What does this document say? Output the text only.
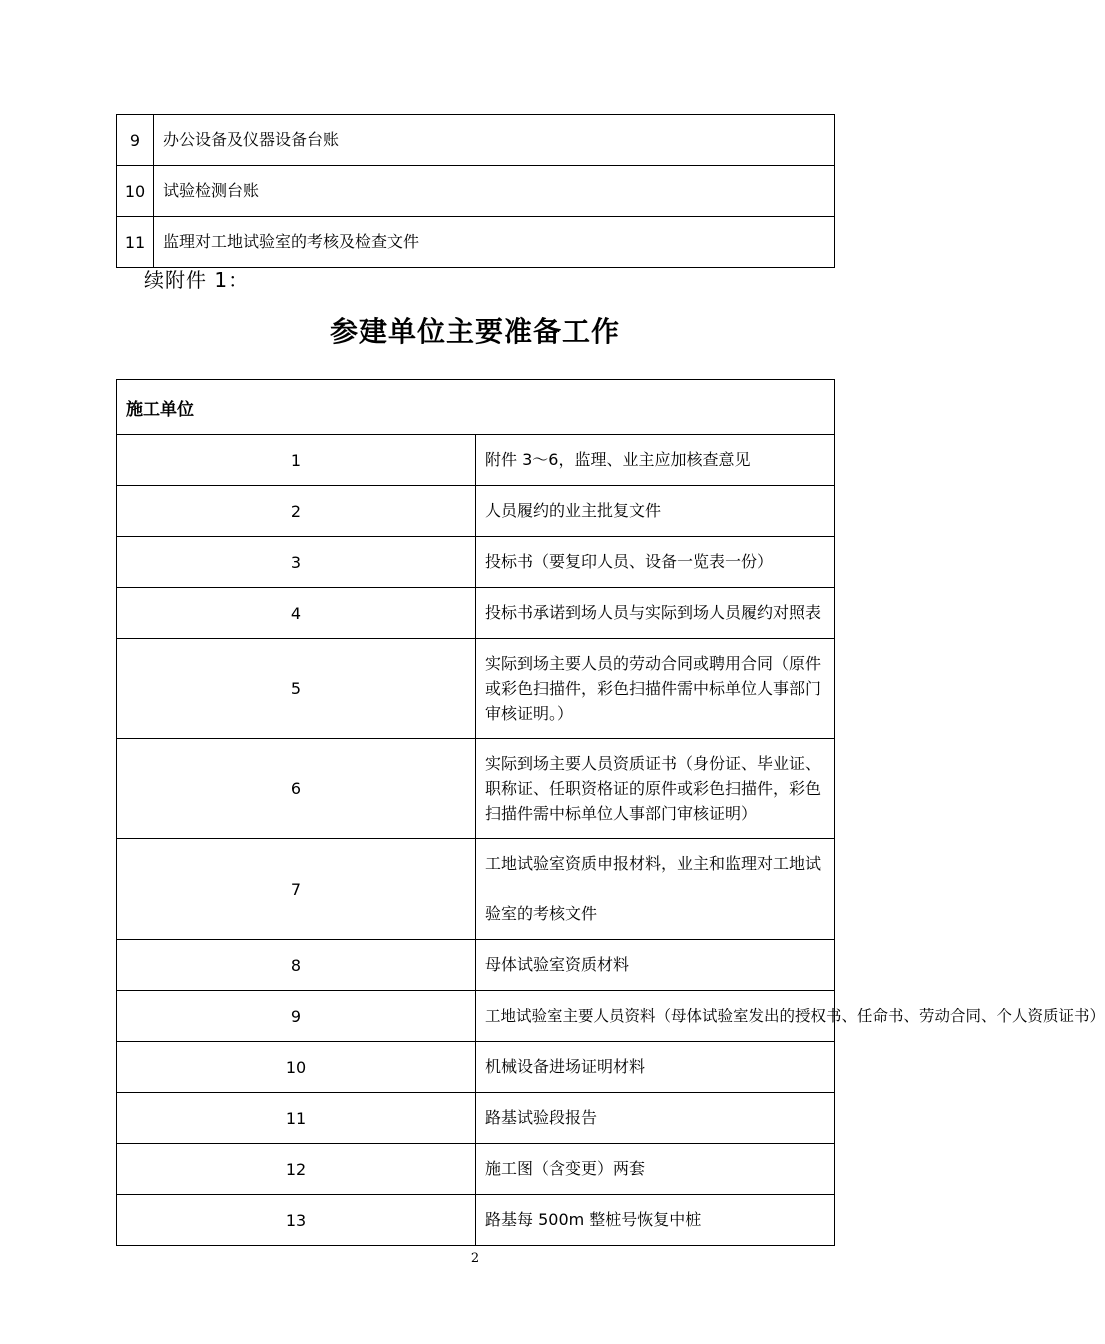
9	办公设备及仪器设备台账
10	试验检测台账
11	监理对工地试验室的考核及检查文件
续附件 1：
参建单位主要准备工作
施工单位	
1	附件 3～6，监理、业主应加核查意见
2	人员履约的业主批复文件
3	投标书（要复印人员、设备一览表一份）
4	投标书承诺到场人员与实际到场人员履约对照表
5	实际到场主要人员的劳动合同或聘用合同（原件或彩色扫描件，彩色扫描件需中标单位人事部门审核证明。）
6	实际到场主要人员资质证书（身份证、毕业证、职称证、任职资格证的原件或彩色扫描件，彩色扫描件需中标单位人事部门审核证明）
7	工地试验室资质申报材料，业主和监理对工地试验室的考核文件
8	母体试验室资质材料
9	工地试验室主要人员资料（母体试验室发出的授权书、任命书、劳动合同、个人资质证书）
10	机械设备进场证明材料
11	路基试验段报告
12	施工图（含变更）两套
13	路基每 500m 整桩号恢复中桩
2
